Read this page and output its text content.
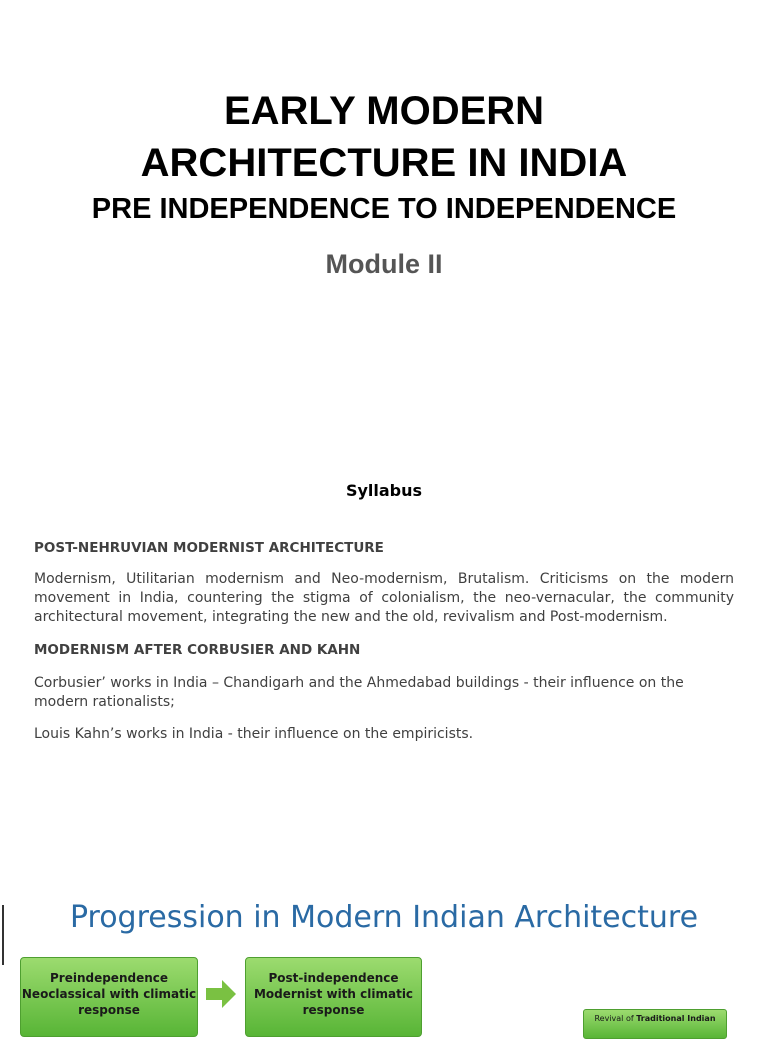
EARLY MODERN
ARCHITECTURE IN INDIA
PRE INDEPENDENCE TO INDEPENDENCE
Module II
Syllabus
POST-NEHRUVIAN MODERNIST ARCHITECTURE
Modernism, Utilitarian modernism and Neo-modernism, Brutalism. Criticisms on the modern movement in India, countering the stigma of colonialism, the neo-vernacular, the community architectural movement, integrating the new and the old, revivalism and Post-modernism.
MODERNISM AFTER CORBUSIER AND KAHN
Corbusier’ works in India – Chandigarh and the Ahmedabad buildings - their influence on the modern rationalists;
Louis Kahn’s works in India - their influence on the empiricists.
Progression in Modern Indian Architecture
Preindependence
Neoclassical with climatic
response
Post-independence
Modernist with climatic
response
Revival of Traditional Indian
